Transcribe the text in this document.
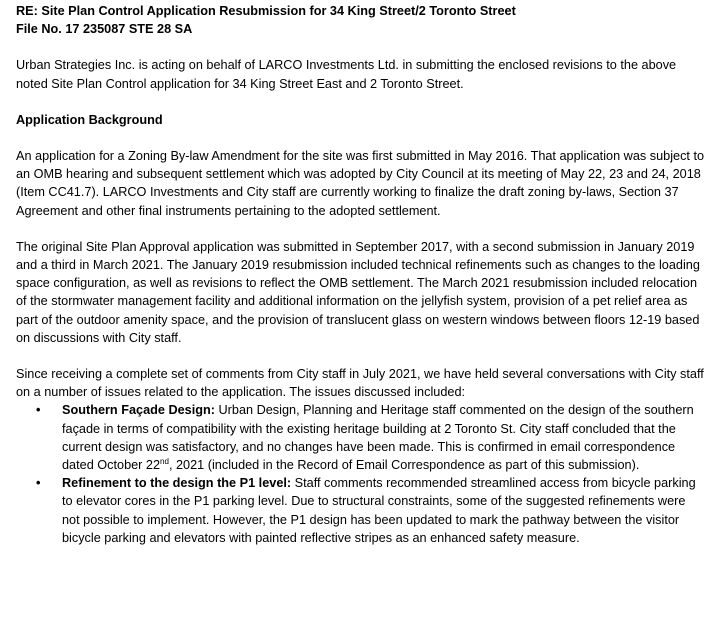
RE: Site Plan Control Application Resubmission for 34 King Street/2 Toronto Street

File No. 17 235087 STE 28 SA

Urban Strategies Inc. is acting on behalf of LARCO Investments Ltd. in submitting the enclosed revisions to the above noted Site Plan Control application for 34 King Street East and 2 Toronto Street.

Application Background

An application for a Zoning By-law Amendment for the site was first submitted in May 2016. That application was subject to an OMB hearing and subsequent settlement which was adopted by City Council at its meeting of May 22, 23 and 24, 2018 (Item CC41.7). LARCO Investments and City staff are currently working to finalize the draft zoning by-laws, Section 37 Agreement and other final instruments pertaining to the adopted settlement.

The original Site Plan Approval application was submitted in September 2017, with a second submission in January 2019 and a third in March 2021. The January 2019 resubmission included technical refinements such as changes to the loading space configuration, as well as revisions to reflect the OMB settlement. The March 2021 resubmission included relocation of the stormwater management facility and additional information on the jellyfish system, provision of a pet relief area as part of the outdoor amenity space, and the provision of translucent glass on western windows between floors 12-19 based on discussions with City staff.

Since receiving a complete set of comments from City staff in July 2021, we have held several conversations with City staff on a number of issues related to the application. The issues discussed included:

• Southern Façade Design: Urban Design, Planning and Heritage staff commented on the design of the southern façade in terms of compatibility with the existing heritage building at 2 Toronto St. City staff concluded that the current design was satisfactory, and no changes have been made. This is confirmed in email correspondence dated October 22nd, 2021 (included in the Record of Email Correspondence as part of this submission).
• Refinement to the design the P1 level: Staff comments recommended streamlined access from bicycle parking to elevator cores in the P1 parking level. Due to structural constraints, some of the suggested refinements were not possible to implement. However, the P1 design has been updated to mark the pathway between the visitor bicycle parking and elevators with painted reflective stripes as an enhanced safety measure.
